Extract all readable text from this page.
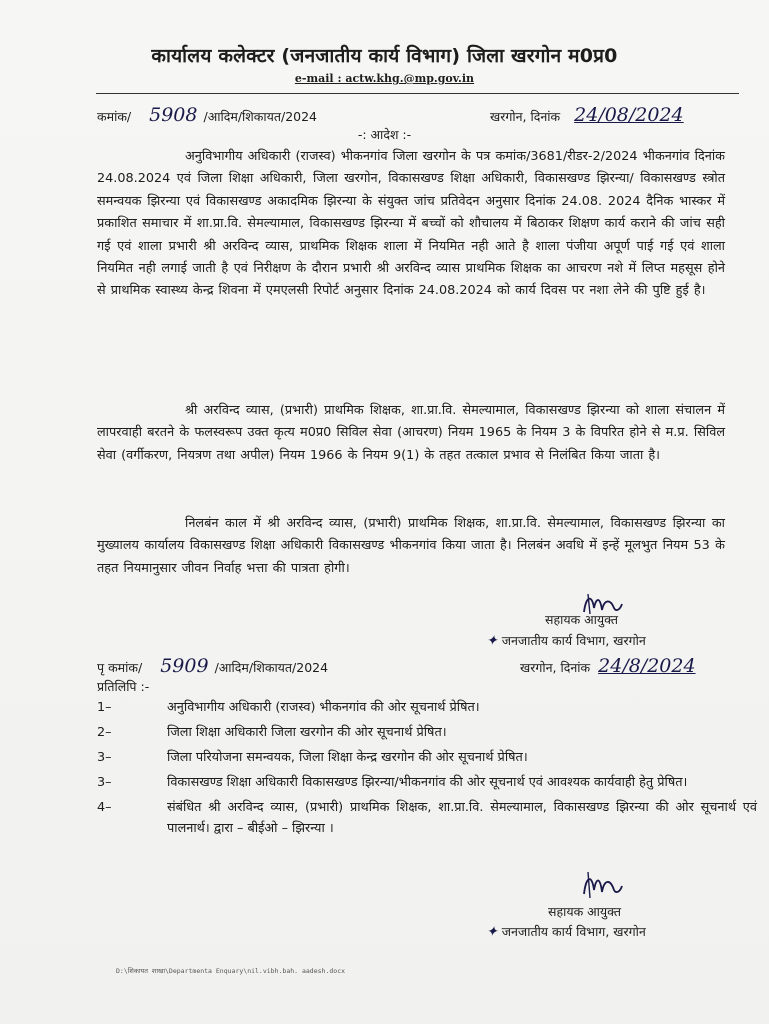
कार्यालय कलेक्टर (जनजातीय कार्य विभाग) जिला खरगोन म0प्र0
e-mail : actw.khg.@mp.gov.in
कमांक/ 5908 /आदिम/शिकायत/2024	खरगोन, दिनांक 24/08/2024
-: आदेश :-
अनुविभागीय अधिकारी (राजस्व) भीकनगांव जिला खरगोन के पत्र कमांक/3681/रीडर-2/2024 भीकनगांव दिनांक 24.08.2024 एवं जिला शिक्षा अधिकारी, जिला खरगोन, विकासखण्ड शिक्षा अधिकारी, विकासखण्ड झिरन्या/ विकासखण्ड स्त्रोत समन्वयक झिरन्या एवं विकासखण्ड अकादमिक झिरन्या के संयुक्त जांच प्रतिवेदन अनुसार दिनांक 24.08. 2024 दैनिक भास्कर में प्रकाशित समाचार में शा.प्रा.वि. सेमल्यामाल, विकासखण्ड झिरन्या में बच्चों को शौचालय में बिठाकर शिक्षण कार्य कराने की जांच सही गई एवं शाला प्रभारी श्री अरविन्द व्यास, प्राथमिक शिक्षक शाला में नियमित नही आते है शाला पंजीया अपूर्ण पाई गई एवं शाला नियमित नही लगाई जाती है एवं निरीक्षण के दौरान प्रभारी श्री अरविन्द व्यास प्राथमिक शिक्षक का आचरण नशे में लिप्त महसूस होने से प्राथमिक स्वास्थ्य केन्द्र शिवना में एमएलसी रिपोर्ट अनुसार दिनांक 24.08.2024 को कार्य दिवस पर नशा लेने की पुष्टि हुई है।
श्री अरविन्द व्यास, (प्रभारी) प्राथमिक शिक्षक, शा.प्रा.वि. सेमल्यामाल, विकासखण्ड झिरन्या को शाला संचालन में लापरवाही बरतने के फलस्वरूप उक्त कृत्य म0प्र0 सिविल सेवा (आचरण) नियम 1965 के नियम 3 के विपरित होने से म.प्र. सिविल सेवा (वर्गीकरण, नियत्रण तथा अपील) नियम 1966 के नियम 9(1) के तहत तत्काल प्रभाव से निलंबित किया जाता है।
निलबंन काल में श्री अरविन्द व्यास, (प्रभारी) प्राथमिक शिक्षक, शा.प्रा.वि. सेमल्यामाल, विकासखण्ड झिरन्या का मुख्यालय कार्यालय विकासखण्ड शिक्षा अधिकारी विकासखण्ड भीकनगांव किया जाता है। निलबंन अवधि में इन्हें मूलभुत नियम 53 के तहत नियमानुसार जीवन निर्वाह भत्ता की पात्रता होगी।
सहायक आयुक्त
✦ जनजातीय कार्य विभाग, खरगोन
पृ कमांक/ 5909 /आदिम/शिकायत/2024	खरगोन, दिनांक 24/8/2024
प्रतिलिपि :-
1–	अनुविभागीय अधिकारी (राजस्व) भीकनगांव की ओर सूचनार्थ प्रेषित।
2–	जिला शिक्षा अधिकारी जिला खरगोन की ओर सूचनार्थ प्रेषित।
3–	जिला परियोजना समन्वयक, जिला शिक्षा केन्द्र खरगोन की ओर सूचनार्थ प्रेषित।
3–	विकासखण्ड शिक्षा अधिकारी विकासखण्ड झिरन्या/भीकनगांव की ओर सूचनार्थ एवं आवश्यक कार्यवाही हेतु प्रेषित।
4–	संबंधित श्री अरविन्द व्यास, (प्रभारी) प्राथमिक शिक्षक, शा.प्रा.वि. सेमल्यामाल, विकासखण्ड झिरन्या की ओर सूचनार्थ एवं पालनार्थ। द्वारा – बीईओ – झिरन्या ।
सहायक आयुक्त
✦ जनजातीय कार्य विभाग, खरगोन
D:\शिकायत शाखा\Departmenta Enquary\nil.vibh.bah. aadesh.docx
